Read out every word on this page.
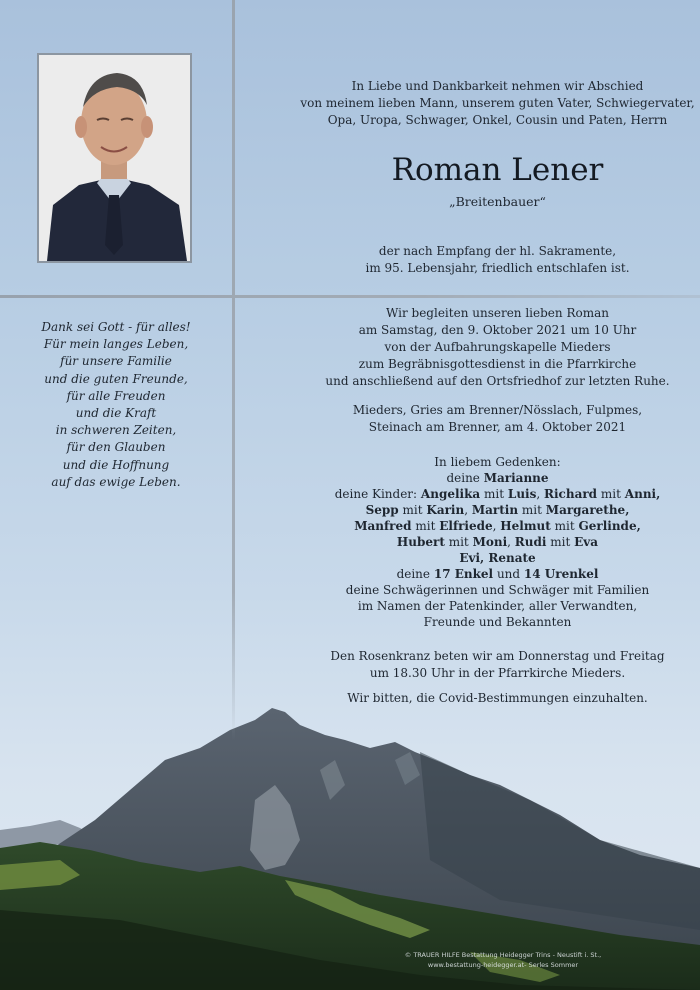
In Liebe und Dankbarkeit nehmen wir Abschied
von meinem lieben Mann, unserem guten Vater, Schwiegervater,
Opa, Uropa, Schwager, Onkel, Cousin und Paten, Herrn
Roman Lener
„Breitenbauer“
der nach Empfang der hl. Sakramente,
im 95. Lebensjahr, friedlich entschlafen ist.
Wir begleiten unseren lieben Roman
am Samstag, den 9. Oktober 2021 um 10 Uhr
von der Aufbahrungskapelle Mieders
zum Begräbnisgottesdienst in die Pfarrkirche
und anschließend auf den Ortsfriedhof zur letzten Ruhe.
Mieders, Gries am Brenner/Nösslach, Fulpmes,
Steinach am Brenner, am 4. Oktober 2021
In liebem Gedenken:
deine Marianne
deine Kinder: Angelika mit Luis, Richard mit Anni,
Sepp mit Karin, Martin mit Margarethe,
Manfred mit Elfriede, Helmut mit Gerlinde,
Hubert mit Moni, Rudi mit Eva
Evi, Renate
deine 17 Enkel und 14 Urenkel
deine Schwägerinnen und Schwäger mit Familien
im Namen der Patenkinder, aller Verwandten,
Freunde und Bekannten
Den Rosenkranz beten wir am Donnerstag und Freitag
um 18.30 Uhr in der Pfarrkirche Mieders.
Wir bitten, die Covid-Bestimmungen einzuhalten.
Dank sei Gott - für alles!
Für mein langes Leben,
für unsere Familie
und die guten Freunde,
für alle Freuden
und die Kraft
in schweren Zeiten,
für den Glauben
und die Hoffnung
auf das ewige Leben.
© TRAUER HILFE Bestattung Heidegger Trins - Neustift i. St.,
www.bestattung-heidegger.at- Serles Sommer
